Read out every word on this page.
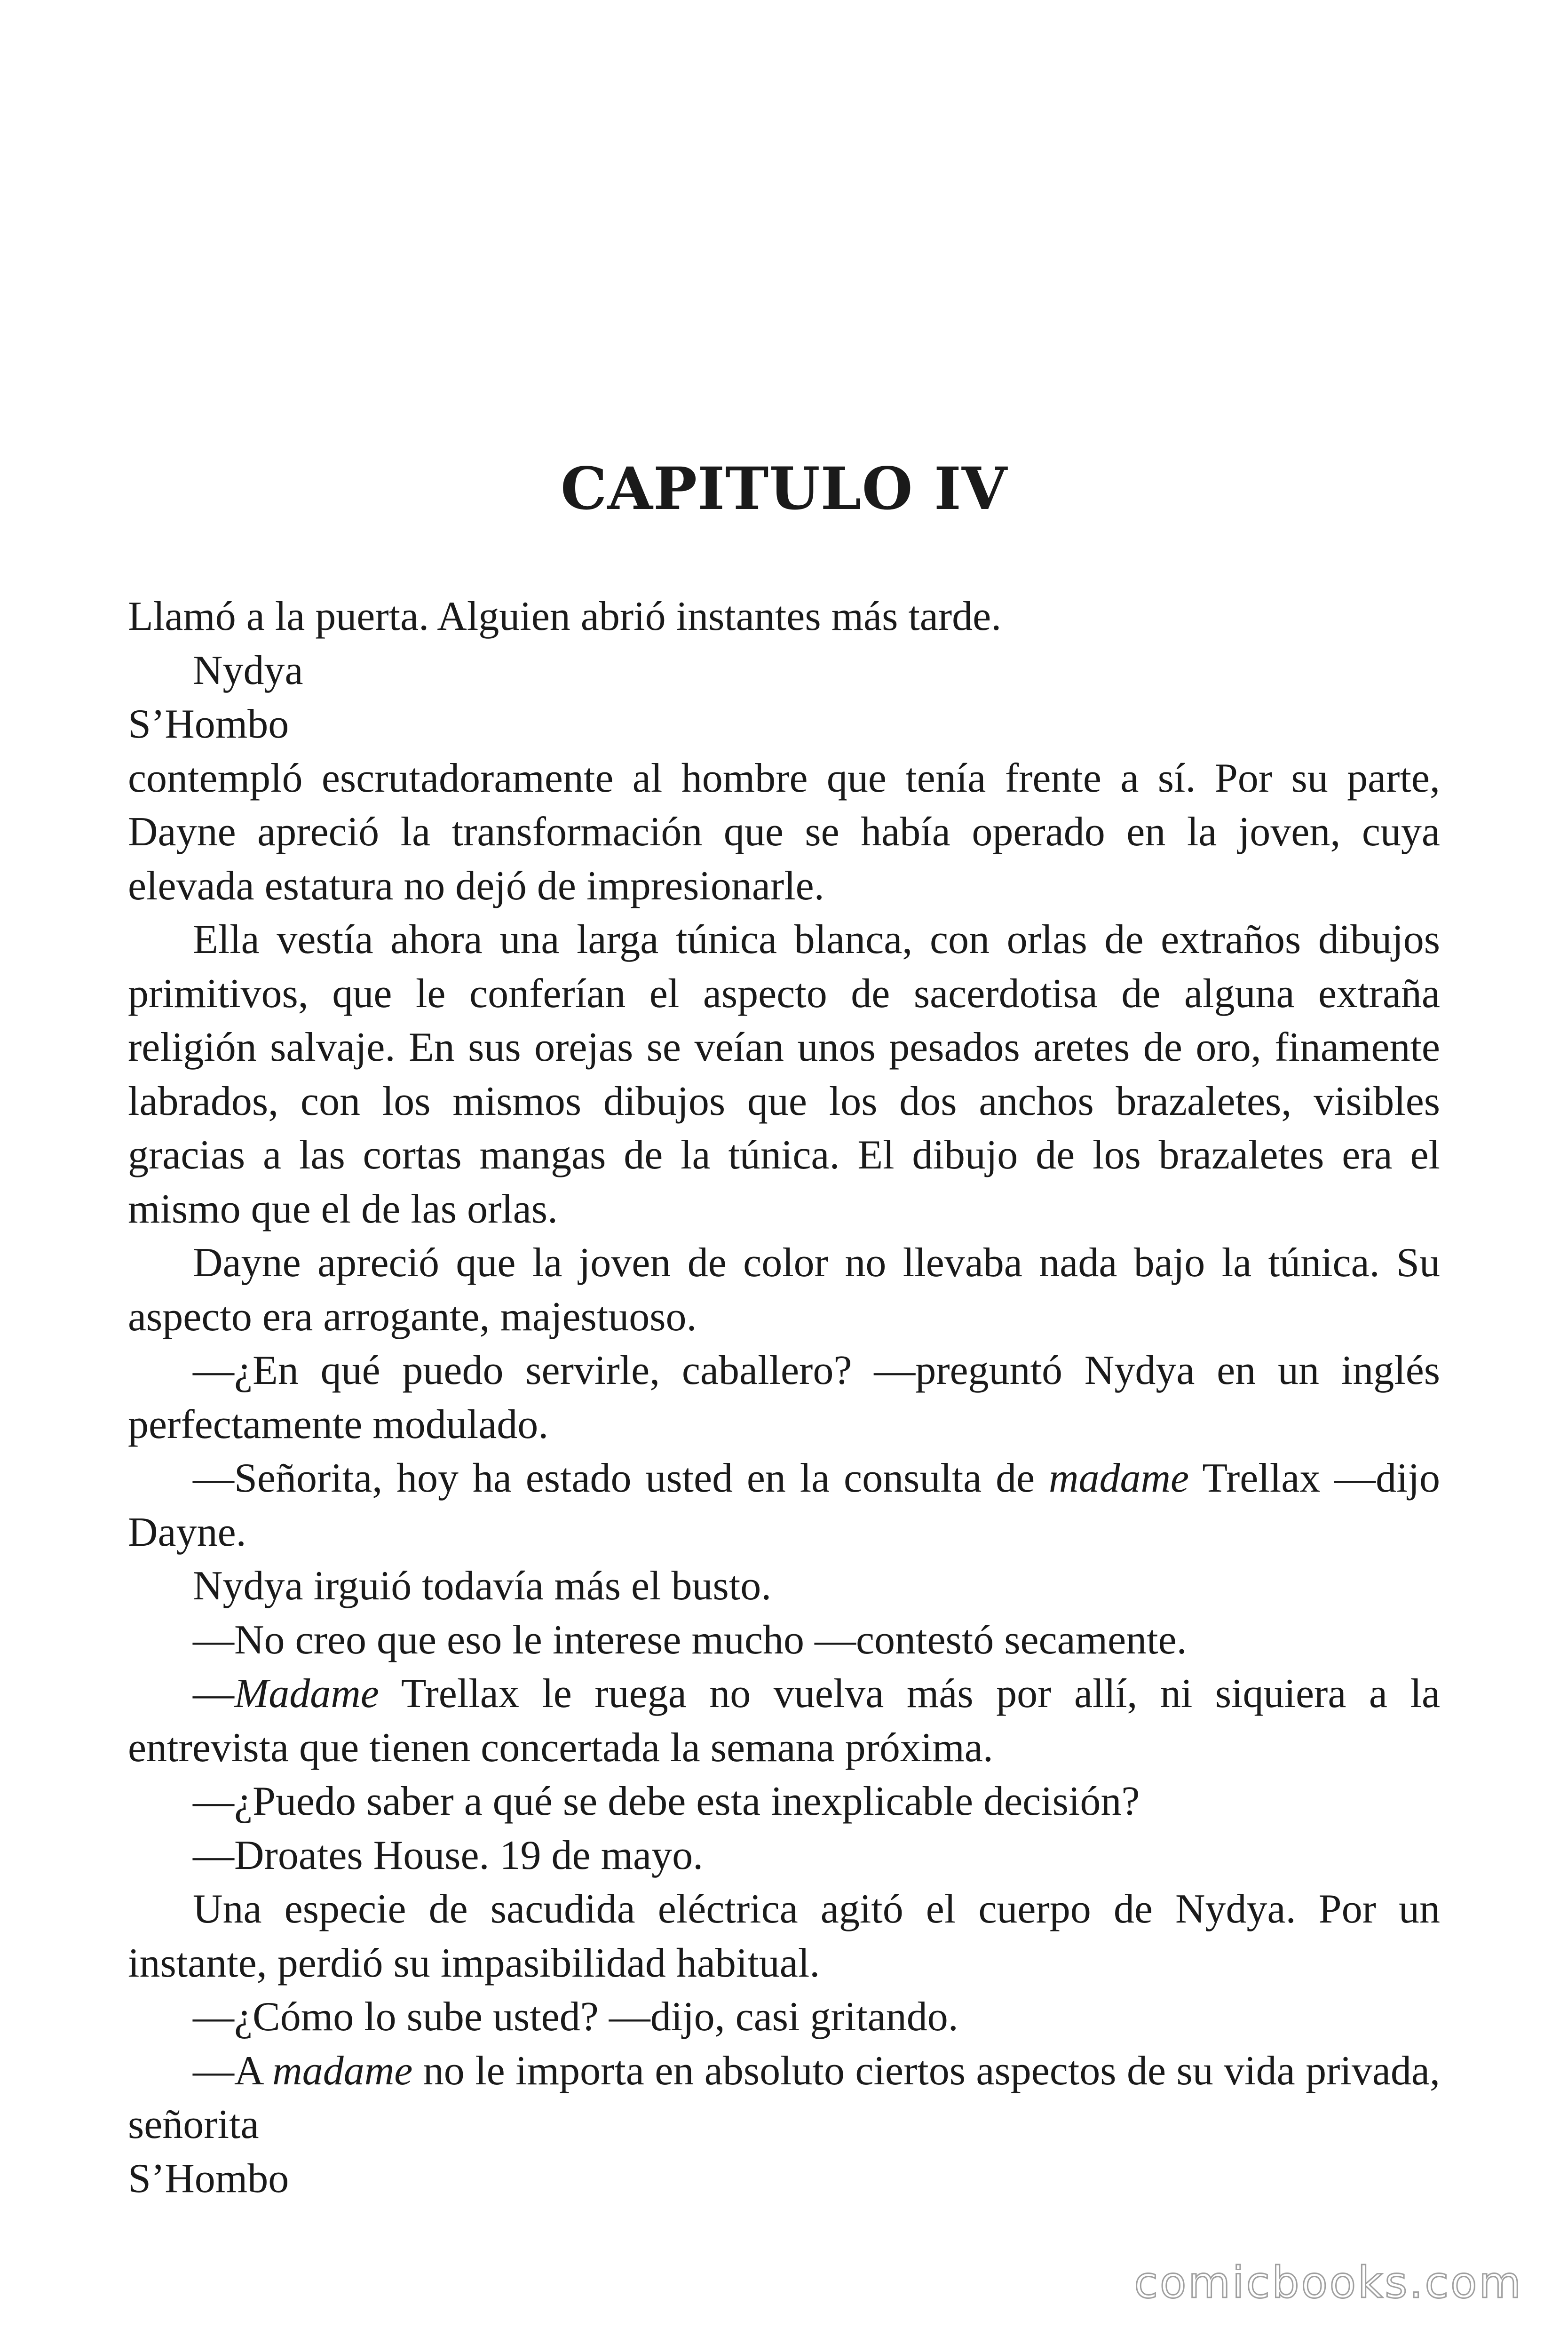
CAPITULO IV

Llamó a la puerta. Alguien abrió instantes más tarde.

Nydya

S’Hombo

contempló escrutadoramente al hombre que tenía frente a sí. Por su parte, Dayne apreció la transformación que se había operado en la joven, cuya elevada estatura no dejó de impresionarle.

Ella vestía ahora una larga túnica blanca, con orlas de extraños dibujos primitivos, que le conferían el aspecto de sacerdotisa de alguna extraña religión salvaje. En sus orejas se veían unos pesados aretes de oro, finamente labrados, con los mismos dibujos que los dos anchos brazaletes, visibles gracias a las cortas mangas de la túnica. El dibujo de los brazaletes era el mismo que el de las orlas.

Dayne apreció que la joven de color no llevaba nada bajo la túnica. Su aspecto era arrogante, majestuoso.

—¿En qué puedo servirle, caballero? —preguntó Nydya en un inglés perfectamente modulado.

—Señorita, hoy ha estado usted en la consulta de madame Trellax —dijo Dayne.

Nydya irguió todavía más el busto.

—No creo que eso le interese mucho —contestó secamente.

—Madame Trellax le ruega no vuelva más por allí, ni siquiera a la entrevista que tienen concertada la semana próxima.

—¿Puedo saber a qué se debe esta inexplicable decisión?

—Droates House. 19 de mayo.

Una especie de sacudida eléctrica agitó el cuerpo de Nydya. Por un instante, perdió su impasibilidad habitual.

—¿Cómo lo sube usted? —dijo, casi gritando.

—A madame no le importa en absoluto ciertos aspectos de su vida privada, señorita

S’Hombo

comicbooks.com
